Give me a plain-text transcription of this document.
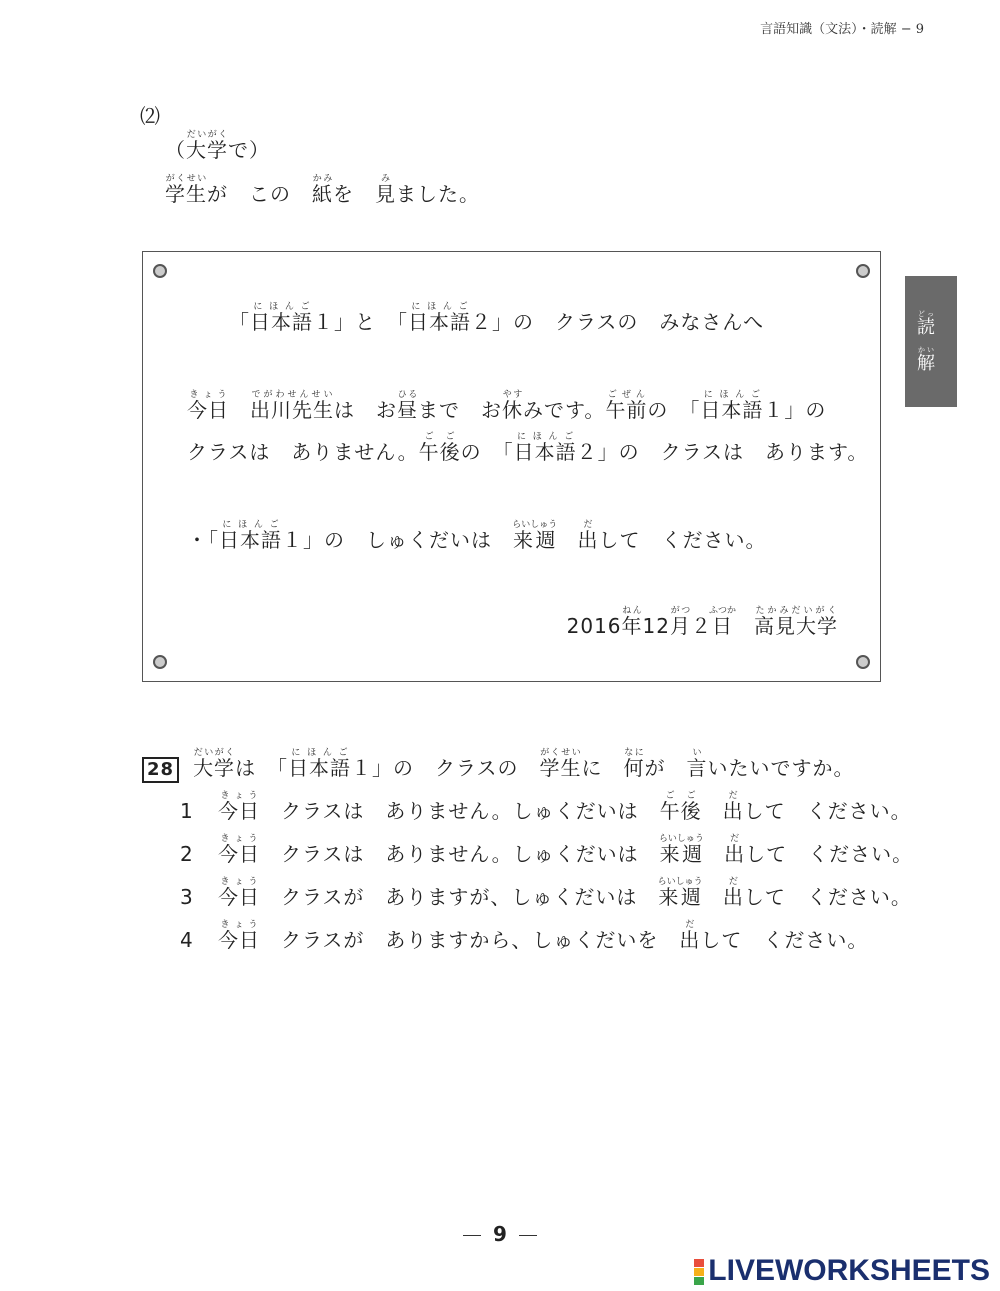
言語知識（文法）・読解 − 9
⑵
（大学だいがくで）
学生がくせいが　この　紙かみを　見みました。
読どっ
解かい
「日本語にほんご１」と　「日本語にほんご２」の　クラスの　みなさんへ
今日きょう　出川先生でがわせんせいは　お昼ひるまで　お休やすみです。午前ごぜんの　「日本語にほんご１」の
クラスは　ありません。午後ごごの　「日本語にほんご２」の　クラスは　あります。
・「日本語にほんご１」の　しゅくだいは　来週らいしゅう　出だして　ください。
2016年ねん12月がつ２日ふつか　高見大学たかみだいがく
28 大学だいがくは　「日本語にほんご１」の　クラスの　学生がくせいに　何なにが　言いいたいですか。
1 今日きょう　クラスは　ありません。しゅくだいは　午後ごご　出だして　ください。
2 今日きょう　クラスは　ありません。しゅくだいは　来週らいしゅう　出だして　ください。
3 今日きょう　クラスが　ありますが、しゅくだいは　来週らいしゅう　出だして　ください。
4 今日きょう　クラスが　ありますから、しゅくだいを　出だして　ください。
9
LIVEWORKSHEETS
